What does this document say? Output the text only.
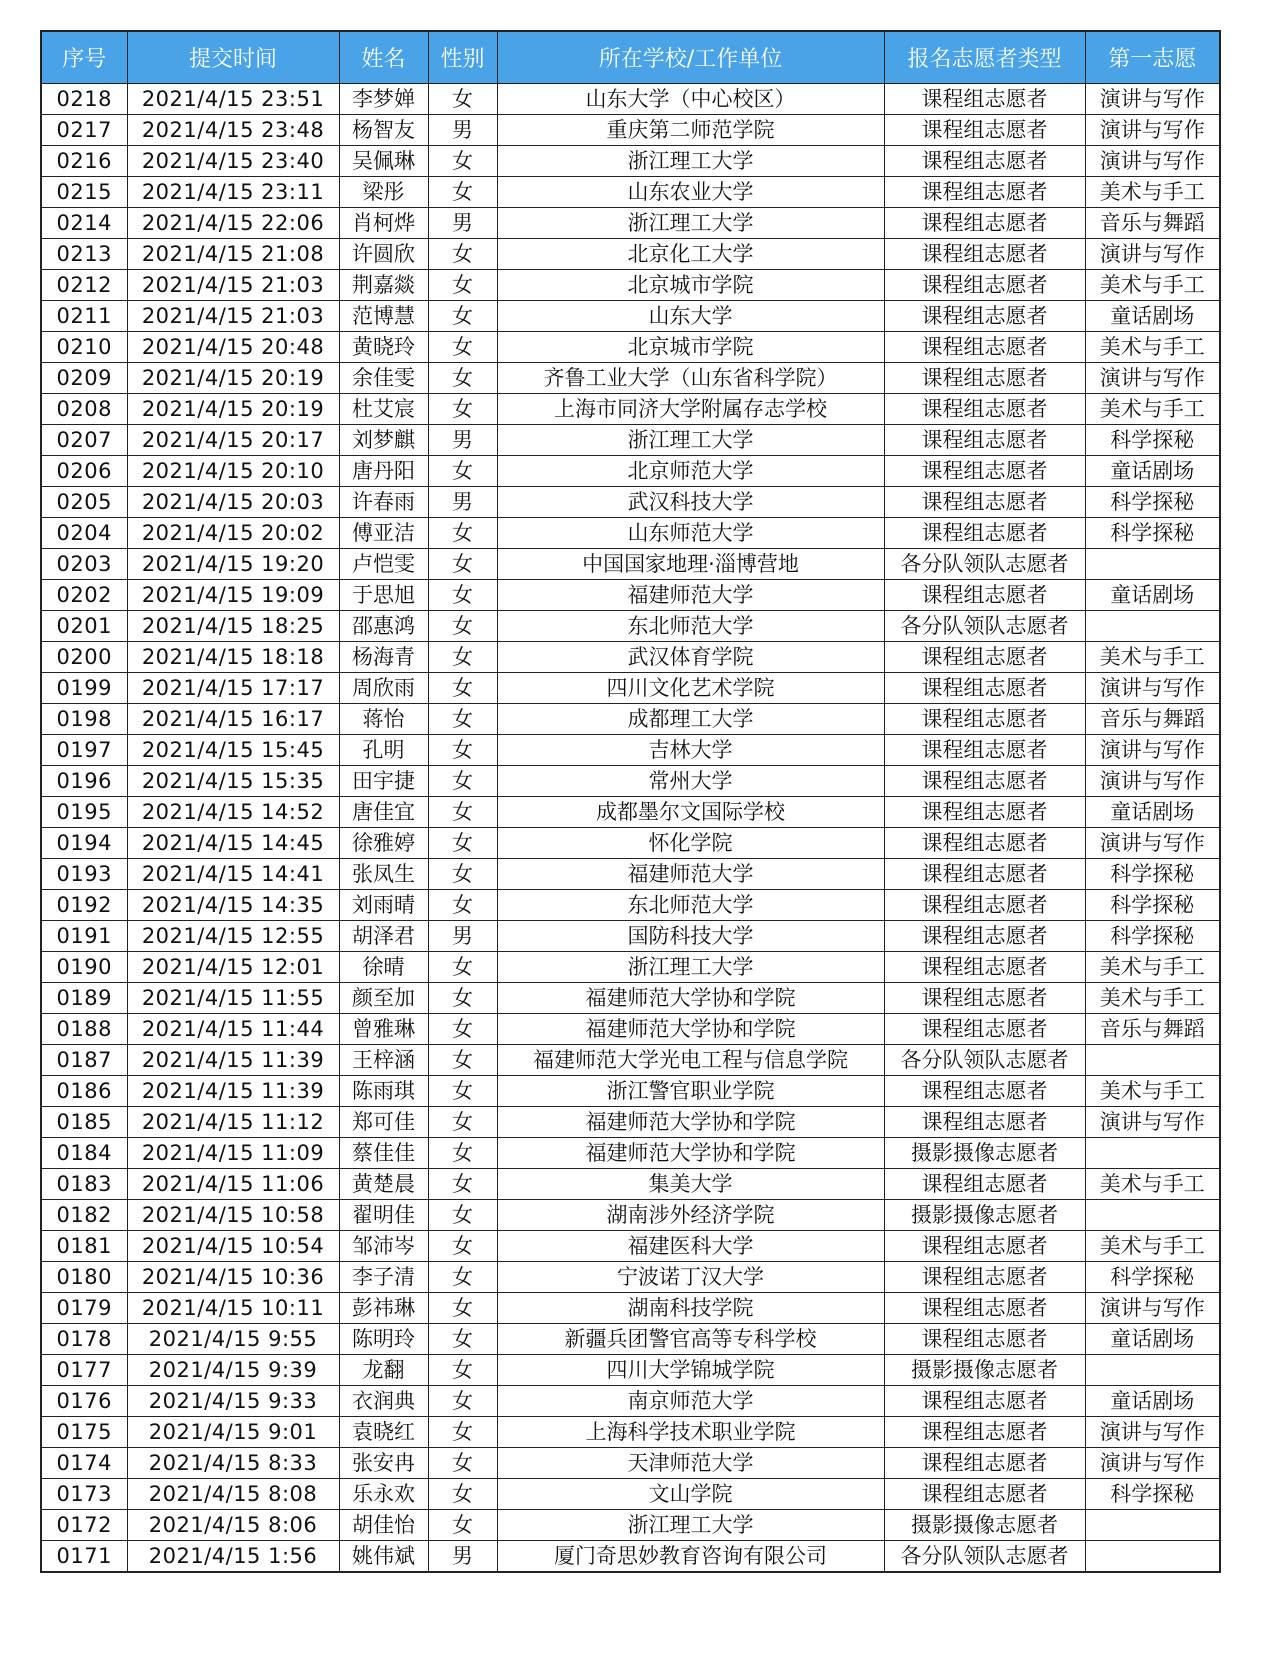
序号	提交时间	姓名	性别	所在学校/工作单位	报名志愿者类型	第一志愿
0218	2021/4/15 23:51	李梦婵	女	山东大学（中心校区）	课程组志愿者	演讲与写作
0217	2021/4/15 23:48	杨智友	男	重庆第二师范学院	课程组志愿者	演讲与写作
0216	2021/4/15 23:40	吴佩琳	女	浙江理工大学	课程组志愿者	演讲与写作
0215	2021/4/15 23:11	梁彤	女	山东农业大学	课程组志愿者	美术与手工
0214	2021/4/15 22:06	肖柯烨	男	浙江理工大学	课程组志愿者	音乐与舞蹈
0213	2021/4/15 21:08	许圆欣	女	北京化工大学	课程组志愿者	演讲与写作
0212	2021/4/15 21:03	荆嘉燚	女	北京城市学院	课程组志愿者	美术与手工
0211	2021/4/15 21:03	范博慧	女	山东大学	课程组志愿者	童话剧场
0210	2021/4/15 20:48	黄晓玲	女	北京城市学院	课程组志愿者	美术与手工
0209	2021/4/15 20:19	余佳雯	女	齐鲁工业大学（山东省科学院）	课程组志愿者	演讲与写作
0208	2021/4/15 20:19	杜艾宸	女	上海市同济大学附属存志学校	课程组志愿者	美术与手工
0207	2021/4/15 20:17	刘梦麒	男	浙江理工大学	课程组志愿者	科学探秘
0206	2021/4/15 20:10	唐丹阳	女	北京师范大学	课程组志愿者	童话剧场
0205	2021/4/15 20:03	许春雨	男	武汉科技大学	课程组志愿者	科学探秘
0204	2021/4/15 20:02	傅亚洁	女	山东师范大学	课程组志愿者	科学探秘
0203	2021/4/15 19:20	卢恺雯	女	中国国家地理·淄博营地	各分队领队志愿者	
0202	2021/4/15 19:09	于思旭	女	福建师范大学	课程组志愿者	童话剧场
0201	2021/4/15 18:25	邵惠鸿	女	东北师范大学	各分队领队志愿者	
0200	2021/4/15 18:18	杨海青	女	武汉体育学院	课程组志愿者	美术与手工
0199	2021/4/15 17:17	周欣雨	女	四川文化艺术学院	课程组志愿者	演讲与写作
0198	2021/4/15 16:17	蒋怡	女	成都理工大学	课程组志愿者	音乐与舞蹈
0197	2021/4/15 15:45	孔明	女	吉林大学	课程组志愿者	演讲与写作
0196	2021/4/15 15:35	田宇捷	女	常州大学	课程组志愿者	演讲与写作
0195	2021/4/15 14:52	唐佳宜	女	成都墨尔文国际学校	课程组志愿者	童话剧场
0194	2021/4/15 14:45	徐雅婷	女	怀化学院	课程组志愿者	演讲与写作
0193	2021/4/15 14:41	张凤生	女	福建师范大学	课程组志愿者	科学探秘
0192	2021/4/15 14:35	刘雨晴	女	东北师范大学	课程组志愿者	科学探秘
0191	2021/4/15 12:55	胡泽君	男	国防科技大学	课程组志愿者	科学探秘
0190	2021/4/15 12:01	徐晴	女	浙江理工大学	课程组志愿者	美术与手工
0189	2021/4/15 11:55	颜至加	女	福建师范大学协和学院	课程组志愿者	美术与手工
0188	2021/4/15 11:44	曾雅琳	女	福建师范大学协和学院	课程组志愿者	音乐与舞蹈
0187	2021/4/15 11:39	王梓涵	女	福建师范大学光电工程与信息学院	各分队领队志愿者	
0186	2021/4/15 11:39	陈雨琪	女	浙江警官职业学院	课程组志愿者	美术与手工
0185	2021/4/15 11:12	郑可佳	女	福建师范大学协和学院	课程组志愿者	演讲与写作
0184	2021/4/15 11:09	蔡佳佳	女	福建师范大学协和学院	摄影摄像志愿者	
0183	2021/4/15 11:06	黄楚晨	女	集美大学	课程组志愿者	美术与手工
0182	2021/4/15 10:58	翟明佳	女	湖南涉外经济学院	摄影摄像志愿者	
0181	2021/4/15 10:54	邹沛岑	女	福建医科大学	课程组志愿者	美术与手工
0180	2021/4/15 10:36	李子清	女	宁波诺丁汉大学	课程组志愿者	科学探秘
0179	2021/4/15 10:11	彭祎琳	女	湖南科技学院	课程组志愿者	演讲与写作
0178	2021/4/15 9:55	陈明玲	女	新疆兵团警官高等专科学校	课程组志愿者	童话剧场
0177	2021/4/15 9:39	龙翻	女	四川大学锦城学院	摄影摄像志愿者	
0176	2021/4/15 9:33	衣润典	女	南京师范大学	课程组志愿者	童话剧场
0175	2021/4/15 9:01	袁晓红	女	上海科学技术职业学院	课程组志愿者	演讲与写作
0174	2021/4/15 8:33	张安冉	女	天津师范大学	课程组志愿者	演讲与写作
0173	2021/4/15 8:08	乐永欢	女	文山学院	课程组志愿者	科学探秘
0172	2021/4/15 8:06	胡佳怡	女	浙江理工大学	摄影摄像志愿者	
0171	2021/4/15 1:56	姚伟斌	男	厦门奇思妙教育咨询有限公司	各分队领队志愿者	
